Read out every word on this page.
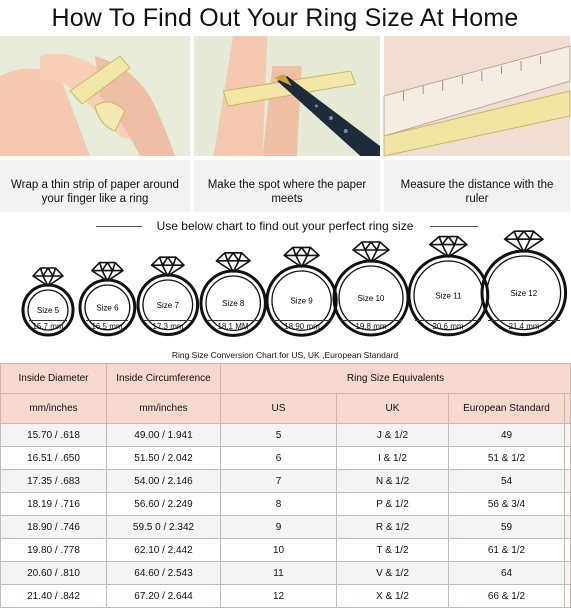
How To Find Out Your Ring Size At Home
Wrap a thin strip of paper around your finger like a ring
Make the spot where the paper meets
Measure the distance with the ruler
Use below chart to find out your perfect ring size
Size 5	Size 6	Size 7	Size 8	Size 9	Size 10	Size 11	Size 12
Ring Size Conversion Chart for US, UK ,European Standard
Inside Diameter	Inside Circumference	Ring Size Equivalents			
mm/inches	mm/inches	US	UK	European Standard	
15.70 / .618	49.00 / 1.941	5	J & 1/2	49	
16.51 / .650	51.50 / 2.042	6	I & 1/2	51 & 1/2	
17.35 / .683	54.00 / 2.146	7	N & 1/2	54	
18.19 / .716	56.60 / 2.249	8	P & 1/2	56 & 3/4	
18.90 / .746	59.5 0 / 2.342	9	R & 1/2	59	
19.80 / .778	62.10 / 2.442	10	T & 1/2	61 & 1/2	
20.60 / .810	64.60 / 2.543	11	V & 1/2	64	
21.40 / .842	67.20 / 2.644	12	X & 1/2	66 & 1/2	
15.7 mm	16.5 mm	17.3 mm	18.1 MM	18.90 mm	19.8 mm	20.6 mm	21.4 mm
